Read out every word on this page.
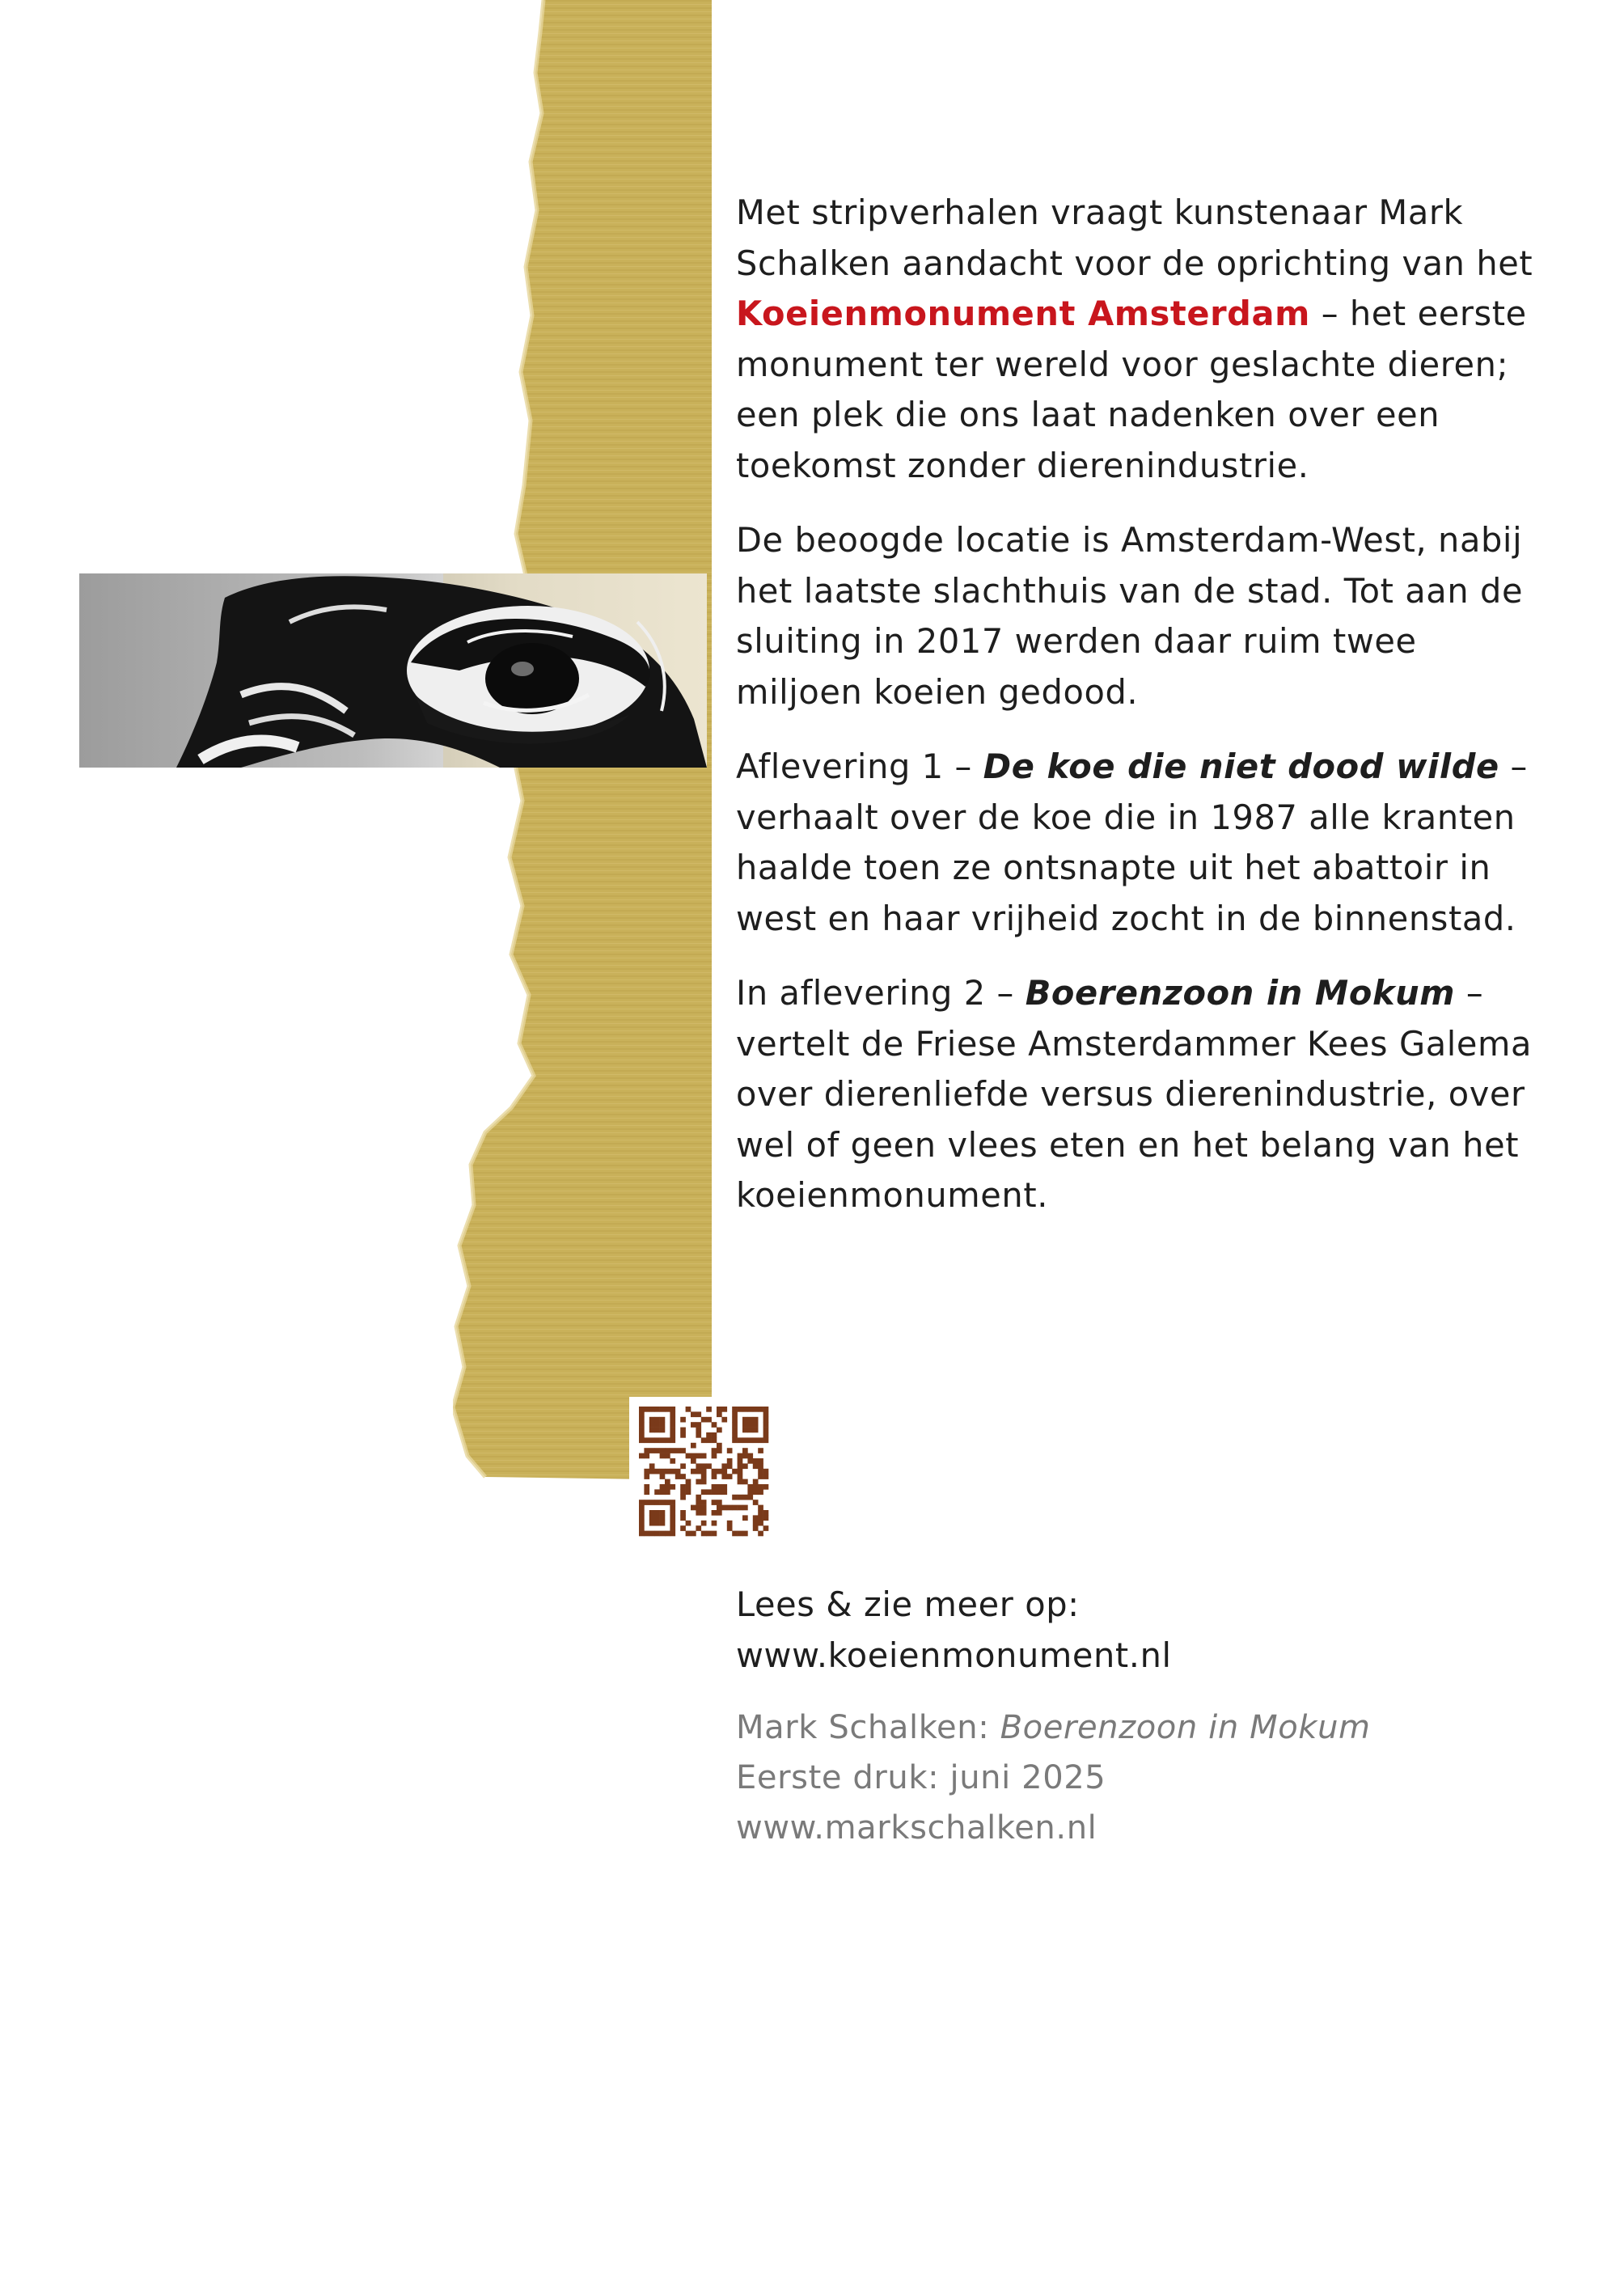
Met stripverhalen vraagt kunstenaar Mark Schalken aandacht voor de oprichting van het Koeienmonument Amsterdam – het eerste monument ter wereld voor geslachte dieren; een plek die ons laat nadenken over een toekomst zonder dierenindustrie.

De beoogde locatie is Amsterdam-West, nabij het laatste slachthuis van de stad. Tot aan de sluiting in 2017 werden daar ruim twee miljoen koeien gedood.

Aflevering 1 – De koe die niet dood wilde – verhaalt over de koe die in 1987 alle kranten haalde toen ze ontsnapte uit het abattoir in west en haar vrijheid zocht in de binnenstad.

In aflevering 2 – Boerenzoon in Mokum – vertelt de Friese Amsterdammer Kees Galema over dierenliefde versus dierenindustrie, over wel of geen vlees eten en het belang van het koeienmonument.

Lees & zie meer op:
www.koeienmonument.nl
Mark Schalken: Boerenzoon in Mokum
Eerste druk: juni 2025
www.markschalken.nl
